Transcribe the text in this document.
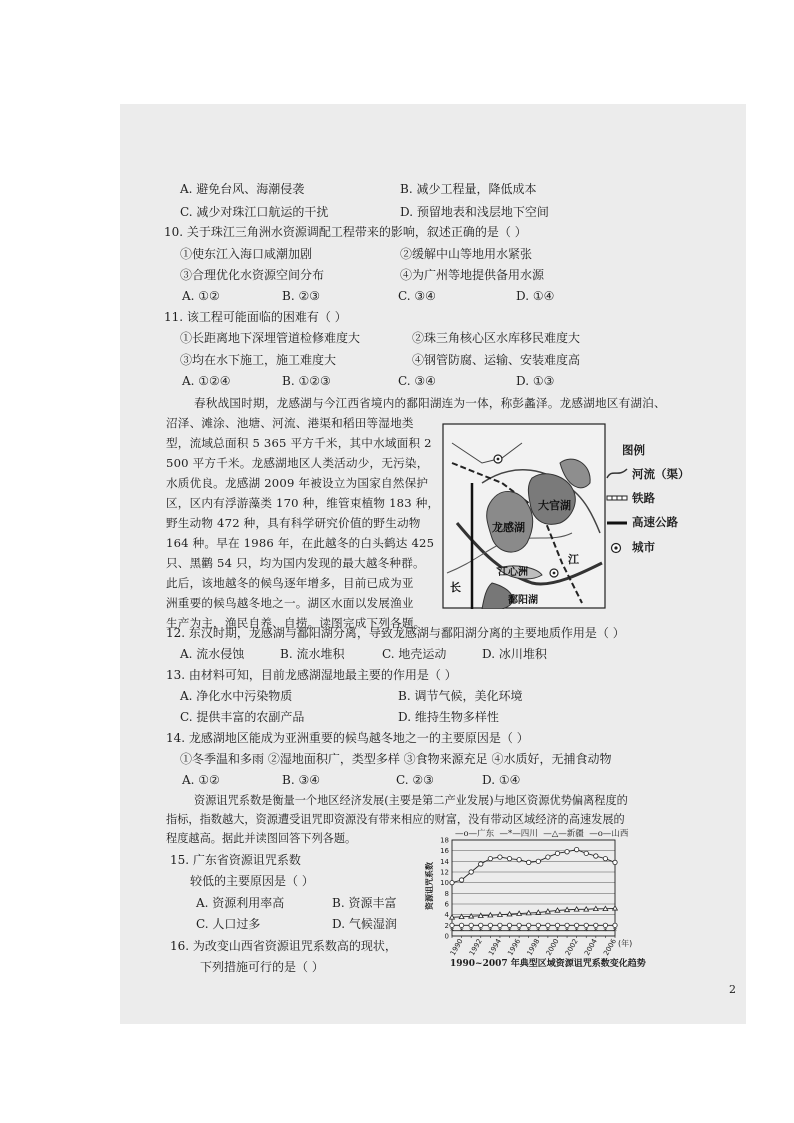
A. 避免台风、海潮侵袭	B. 减少工程量，降低成本
C. 减少对珠江口航运的干扰	D. 预留地表和浅层地下空间
10. 关于珠江三角洲水资源调配工程带来的影响，叙述正确的是（ ）
①使东江入海口咸潮加剧	②缓解中山等地用水紧张
③合理优化水资源空间分布	④为广州等地提供备用水源
A. ①②	B. ②③	C. ③④	D. ①④
11. 该工程可能面临的困难有（ ）
①长距离地下深埋管道检修难度大	②珠三角核心区水库移民难度大
③均在水下施工，施工难度大	④钢管防腐、运输、安装难度高
A. ①②④	B. ①②③	C. ③④	D. ①③
春秋战国时期，龙感湖与今江西省境内的鄱阳湖连为一体，称彭蠡泽。龙感湖地区有湖泊、
沼泽、滩涂、池塘、河流、港渠和稻田等湿地类
型，流域总面积 5 365 平方千米，其中水域面积 2
500 平方千米。龙感湖地区人类活动少，无污染，
水质优良。龙感湖 2009 年被设立为国家自然保护
区，区内有浮游藻类 170 种，维管束植物 183 种，
野生动物 472 种，具有科学研究价值的野生动物
164 种。早在 1986 年，在此越冬的白头鹤达 425
只、黑鹳 54 只，均为国内发现的最大越冬种群。
此后，该地越冬的候鸟逐年增多，目前已成为亚
洲重要的候鸟越冬地之一。湖区水面以发展渔业
生产为主，渔民自养、自捞。读图完成下列各题。
龙感湖
大官湖
江心洲
鄱阳湖
长
江
图例
河流（渠）
铁路
高速公路
城市
12. 东汉时期，龙感湖与鄱阳湖分离，导致龙感湖与鄱阳湖分离的主要地质作用是（ ）
A. 流水侵蚀	B. 流水堆积	C. 地壳运动	D. 冰川堆积
13. 由材料可知，目前龙感湖湿地最主要的作用是（ ）
A. 净化水中污染物质	B. 调节气候，美化环境
C. 提供丰富的农副产品	D. 维持生物多样性
14. 龙感湖地区能成为亚洲重要的候鸟越冬地之一的主要原因是（ ）
①冬季温和多雨 ②湿地面积广，类型多样 ③食物来源充足 ④水质好，无捕食动物
A. ①②	B. ③④	C. ②③	D. ①④
资源诅咒系数是衡量一个地区经济发展(主要是第二产业发展)与地区资源优势偏离程度的
指标，指数越大，资源遭受诅咒即资源没有带来相应的财富，没有带动区域经济的高速发展的
程度越高。据此并读图回答下列各题。
15. 广东省资源诅咒系数
较低的主要原因是（ ）
A. 资源利用率高	B. 资源丰富
C. 人口过多	D. 气候湿润
16. 为改变山西省资源诅咒系数高的现状，
下列措施可行的是（ ）
—o—广东 —*—四川 —△—新疆 —o—山西
* * * * * * * * * * * * * * * * * *
0
2
4
6
8
10
12
14
16
18
1990 1992 1994 1996 1998 2000 2002 2004 2006
资源诅咒系数
(年)
1990~2007 年典型区域资源诅咒系数变化趋势
2
